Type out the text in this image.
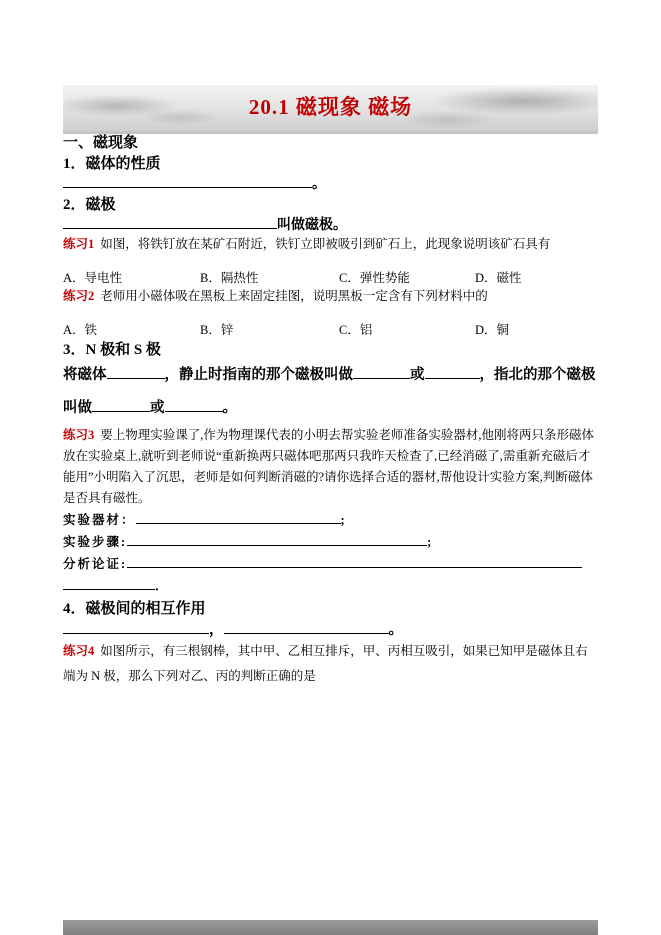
20.1 磁现象 磁场

一、磁现象

1．磁体的性质

。

2．磁极

叫做磁极。

练习1 如图，将铁钉放在某矿石附近，铁钉立即被吸引到矿石上，此现象说明该矿石具有

A．导电性	B．隔热性	C．弹性势能	D．磁性

练习2 老师用小磁体吸在黑板上来固定挂图，说明黑板一定含有下列材料中的

A．铁	B．锌	C．铝	D．铜

3．N 极和 S 极

将磁体	，静止时指南的那个磁极叫做	或	，指北的那个磁极叫做	或	。

练习3 要上物理实验课了,作为物理课代表的小明去帮实验老师准备实验器材,他刚将两只条形磁体放在实验桌上,就听到老师说“重新换两只磁体吧那两只我昨天检查了,已经消磁了,需重新充磁后才能用”小明陷入了沉思，老师是如何判断消磁的?请你选择合适的器材,帮他设计实验方案,判断磁体是否具有磁性。

实验器材：	;

实验步骤:	;

分析论证:

．

4．磁极间的相互作用

，	。

练习4 如图所示，有三根钢棒，其中甲、乙相互排斥，甲、丙相互吸引，如果已知甲是磁体且右端为 N 极，那么下列对乙、丙的判断正确的是
